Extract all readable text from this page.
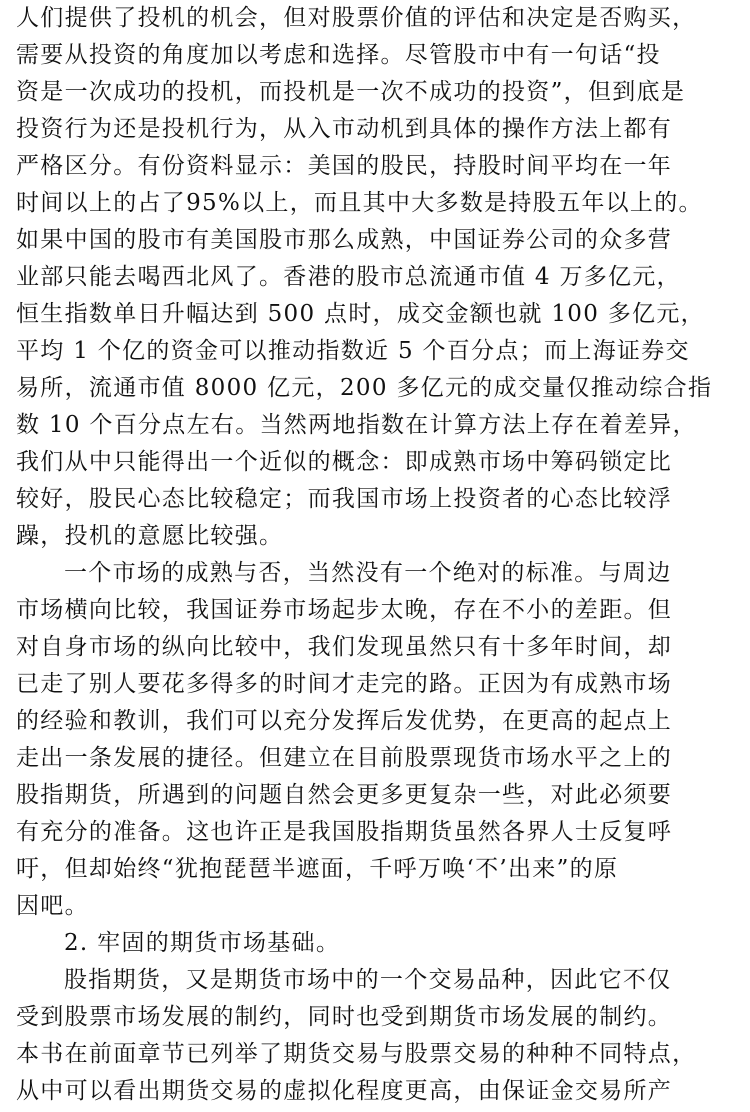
人们提供了投机的机会，但对股票价值的评估和决定是否购买，
需要从投资的角度加以考虑和选择。尽管股市中有一句话“投
资是一次成功的投机，而投机是一次不成功的投资”，但到底是
投资行为还是投机行为，从入市动机到具体的操作方法上都有
严格区分。有份资料显示：美国的股民，持股时间平均在一年
时间以上的占了95%以上，而且其中大多数是持股五年以上的。
如果中国的股市有美国股市那么成熟，中国证券公司的众多营
业部只能去喝西北风了。香港的股市总流通市值 4 万多亿元，
恒生指数单日升幅达到 500 点时，成交金额也就 100 多亿元，
平均 1 个亿的资金可以推动指数近 5 个百分点；而上海证券交
易所，流通市值 8000 亿元，200 多亿元的成交量仅推动综合指
数 10 个百分点左右。当然两地指数在计算方法上存在着差异，
我们从中只能得出一个近似的概念：即成熟市场中筹码锁定比
较好，股民心态比较稳定；而我国市场上投资者的心态比较浮
躁，投机的意愿比较强。
一个市场的成熟与否，当然没有一个绝对的标准。与周边
市场横向比较，我国证券市场起步太晚，存在不小的差距。但
对自身市场的纵向比较中，我们发现虽然只有十多年时间，却
已走了别人要花多得多的时间才走完的路。正因为有成熟市场
的经验和教训，我们可以充分发挥后发优势，在更高的起点上
走出一条发展的捷径。但建立在目前股票现货市场水平之上的
股指期货，所遇到的问题自然会更多更复杂一些，对此必须要
有充分的准备。这也许正是我国股指期货虽然各界人士反复呼
吁，但却始终“犹抱琵琶半遮面，千呼万唤‘不’出来”的原
因吧。
2. 牢固的期货市场基础。
股指期货，又是期货市场中的一个交易品种，因此它不仅
受到股票市场发展的制约，同时也受到期货市场发展的制约。
本书在前面章节已列举了期货交易与股票交易的种种不同特点，
从中可以看出期货交易的虚拟化程度更高，由保证金交易所产
